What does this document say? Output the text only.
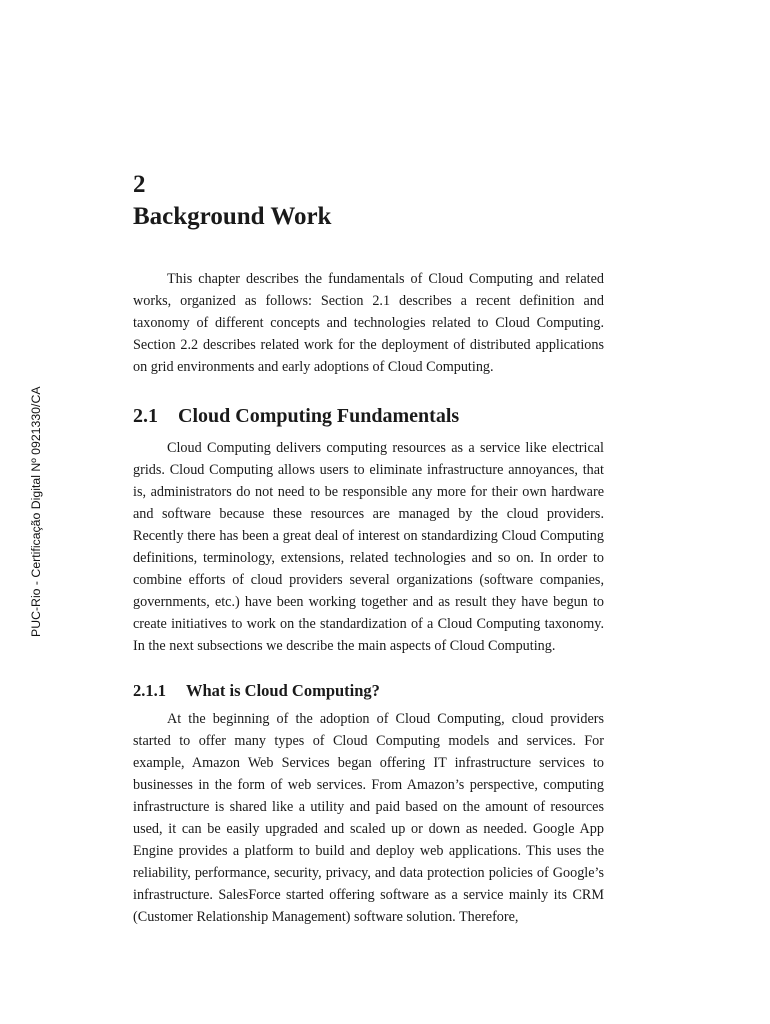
PUC-Rio - Certificação Digital Nº 0921330/CA
2
Background Work

This chapter describes the fundamentals of Cloud Computing and related works, organized as follows: Section 2.1 describes a recent definition and taxonomy of different concepts and technologies related to Cloud Computing. Section 2.2 describes related work for the deployment of distributed applications on grid environments and early adoptions of Cloud Computing.

2.1	Cloud Computing Fundamentals

Cloud Computing delivers computing resources as a service like electrical grids. Cloud Computing allows users to eliminate infrastructure annoyances, that is, administrators do not need to be responsible any more for their own hardware and software because these resources are managed by the cloud providers. Recently there has been a great deal of interest on standardizing Cloud Computing definitions, terminology, extensions, related technologies and so on. In order to combine efforts of cloud providers several organizations (software companies, governments, etc.) have been working together and as result they have begun to create initiatives to work on the standardization of a Cloud Computing taxonomy. In the next subsections we describe the main aspects of Cloud Computing.

2.1.1	What is Cloud Computing?

At the beginning of the adoption of Cloud Computing, cloud providers started to offer many types of Cloud Computing models and services. For example, Amazon Web Services began offering IT infrastructure services to businesses in the form of web services. From Amazon’s perspective, computing infrastructure is shared like a utility and paid based on the amount of resources used, it can be easily upgraded and scaled up or down as needed. Google App Engine provides a platform to build and deploy web applications. This uses the reliability, performance, security, privacy, and data protection policies of Google’s infrastructure. SalesForce started offering software as a service mainly its CRM (Customer Relationship Management) software solution. Therefore,
